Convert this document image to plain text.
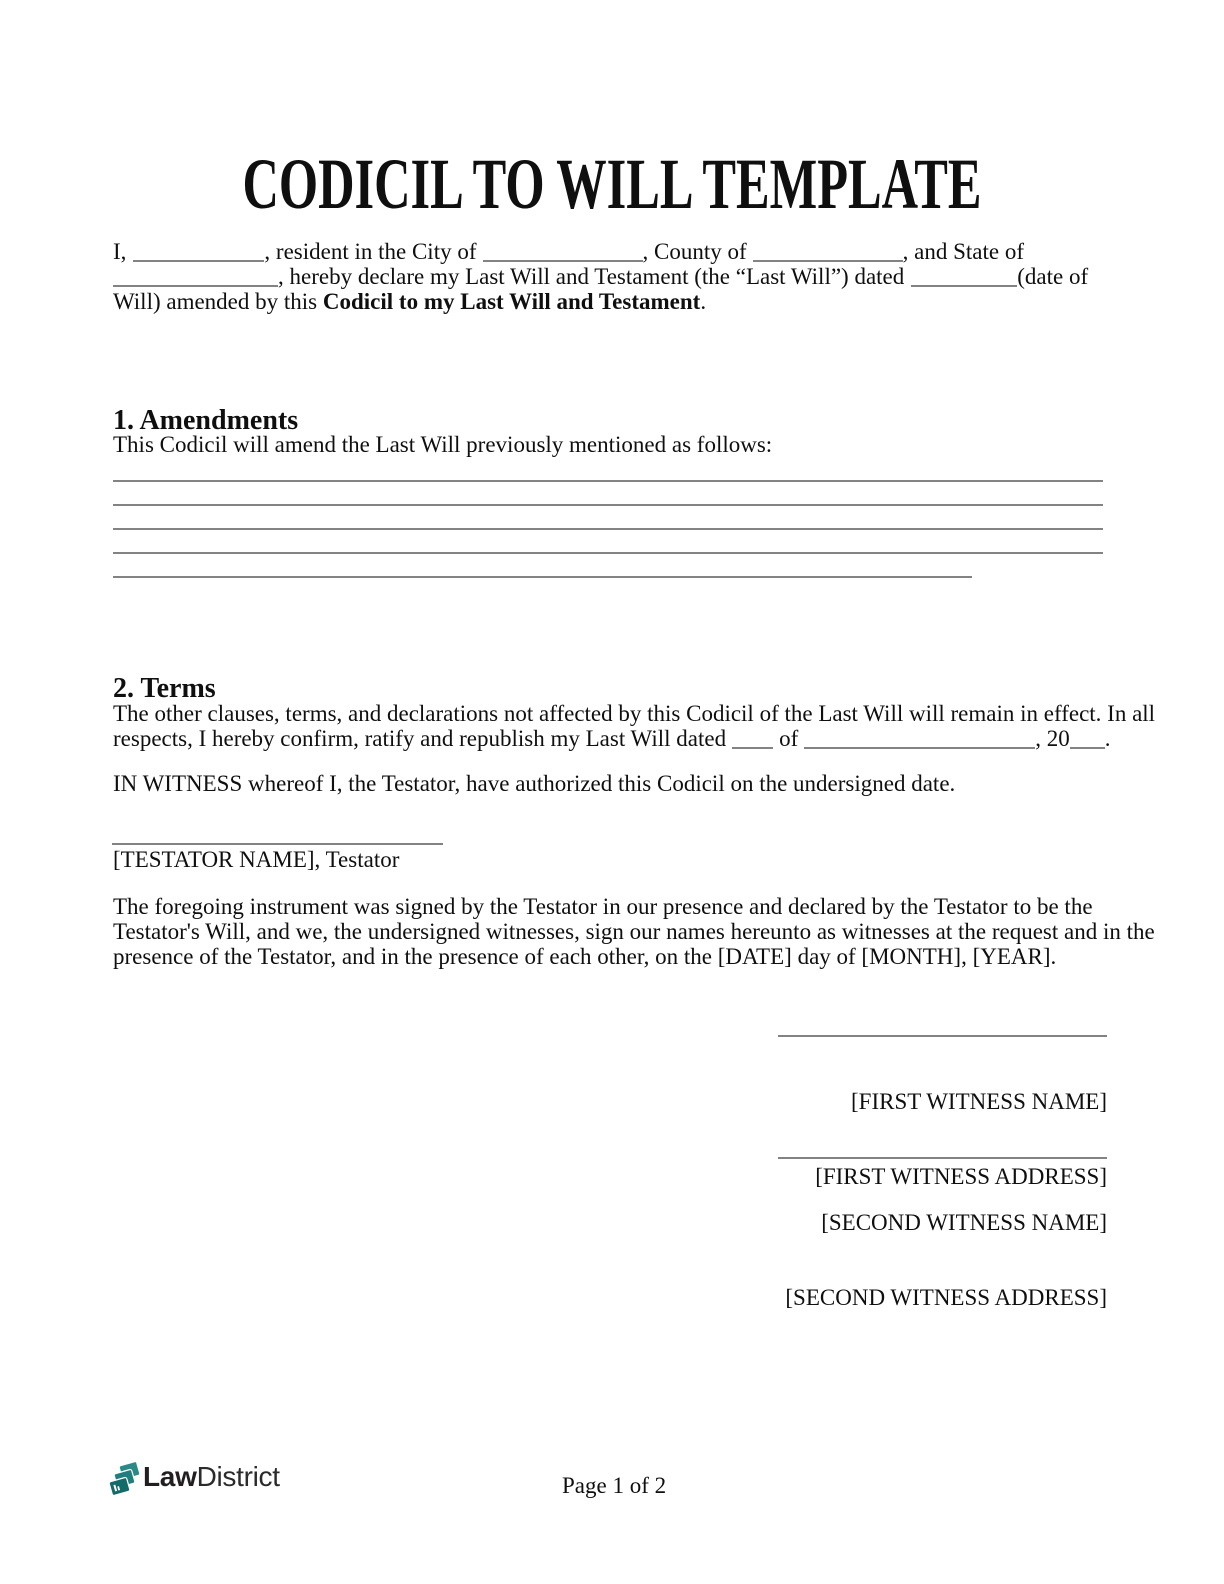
CODICIL TO WILL TEMPLATE
I,	, resident in the City of	, County of	, and State of
, hereby declare my Last Will and Testament (the “Last Will”) dated	(date of
Will) amended by this Codicil to my Last Will and Testament.
1. Amendments
This Codicil will amend the Last Will previously mentioned as follows:
2. Terms
The other clauses, terms, and declarations not affected by this Codicil of the Last Will will remain in effect. In all
respects, I hereby confirm, ratify and republish my Last Will dated of	, 20 .
IN WITNESS whereof I, the Testator, have authorized this Codicil on the undersigned date.
[TESTATOR NAME], Testator
The foregoing instrument was signed by the Testator in our presence and declared by the Testator to be the
Testator's Will, and we, the undersigned witnesses, sign our names hereunto as witnesses at the request and in the
presence of the Testator, and in the presence of each other, on the [DATE] day of [MONTH], [YEAR].

[FIRST WITNESS NAME]

[FIRST WITNESS ADDRESS]

[SECOND WITNESS NAME]

[SECOND WITNESS ADDRESS]

LawDistrict	Page 1 of 2
